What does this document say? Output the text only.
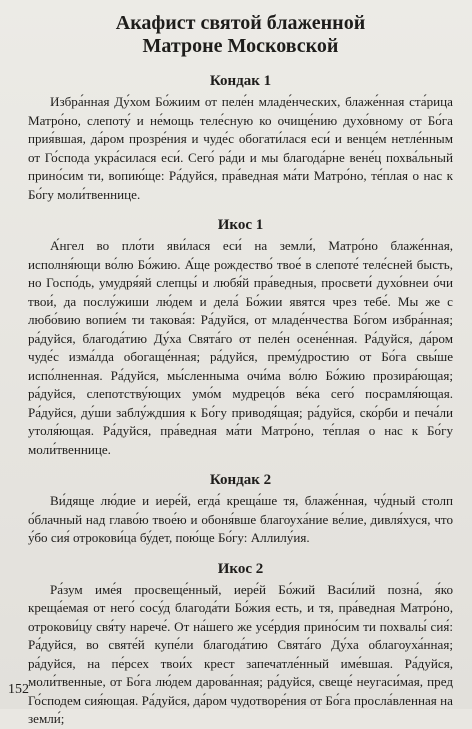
Акафист святой блаженной
Матроне Московской
Кондак 1

Избра́нная Ду́хом Бо́жиим от пеле́н младе́нческих, блаже́нная ста́рица Матро́но, слепоту́ и не́мощь теле́сную ко очище́нию духо́вному от Бо́га прия́вшая, да́ром прозре́ния и чуде́с обогати́лася еси́ и венце́м нетле́нным от Го́спода укра́силася еси́. Сего́ ра́ди и мы благода́рне вене́ц похва́льный прино́сим ти, вопию́ще: Ра́дуйся, пра́ведная ма́ти Матро́но, те́плая о нас к Бо́гу моли́твеннице.

Икос 1

А́нгел во пло́ти яви́лася еси́ на земли́, Матро́но блаже́нная, исполня́ющи во́лю Бо́жию. А́ще рождество́ твое́ в слепоте́ теле́сней бысть, но Госпо́дь, умудря́яй слепцы́ и любя́й пра́ведныя, просвети́ духо́внеи о́чи твои́, да послу́жиши лю́дем и дела́ Бо́жии явятся чрез тебе́. Мы же с любо́вию вопие́м ти такова́я: Ра́дуйся, от младе́нчества Бо́гом избра́нная; ра́дуйся, благода́тию Ду́ха Свята́го от пеле́н осене́нная. Ра́дуйся, да́ром чуде́с изма́лда обогаще́нная; ра́дуйся, прему́дростию от Бо́га свы́ше испо́лненная. Ра́дуйся, мы́сленныма очи́ма во́лю Бо́жию прозира́ющая; ра́дуйся, слепотству́ющих умо́м мудрецо́в ве́ка сего́ посрамля́ющая. Ра́дуйся, ду́ши заблу́ждшия к Бо́гу приводя́щая; ра́дуйся, ско́рби и печа́ли утоля́ющая. Ра́дуйся, пра́ведная ма́ти Матро́но, те́плая о нас к Бо́гу моли́твеннице.

Кондак 2

Ви́дяще лю́дие и иере́й, егда́ креща́ше тя, блаже́нная, чу́дный столп о́блачный над главо́ю твое́ю и обоня́вше благоуха́ние ве́лие, дивля́хуся, что у́бо сия́ отрокови́ца бу́дет, пою́ще Бо́гу: Аллилу́ия.

Икос 2

Ра́зум име́я просвеще́нный, иере́й Бо́жий Васи́лий позна́, я́ко креща́емая от него́ сосу́д благода́ти Бо́жия есть, и тя, пра́ведная Матро́но, отрокови́цу свя́ту нарече́. От на́шего же усе́рдия прино́сим ти похвалы́ сия́: Ра́дуйся, во святе́й купе́ли благода́тию Свята́го Ду́ха облагоуха́нная; ра́дуйся, на пе́рсех твои́х крест запечатле́нный име́вшая. Ра́дуйся, моли́твенные, от Бо́га лю́дем дарова́нная; ра́дуйся, свеще́ неугаси́мая, пред Го́сподем сия́ющая. Ра́дуйся, да́ром чудотворе́ния от Бо́га просла́вленная на земли́;

152
